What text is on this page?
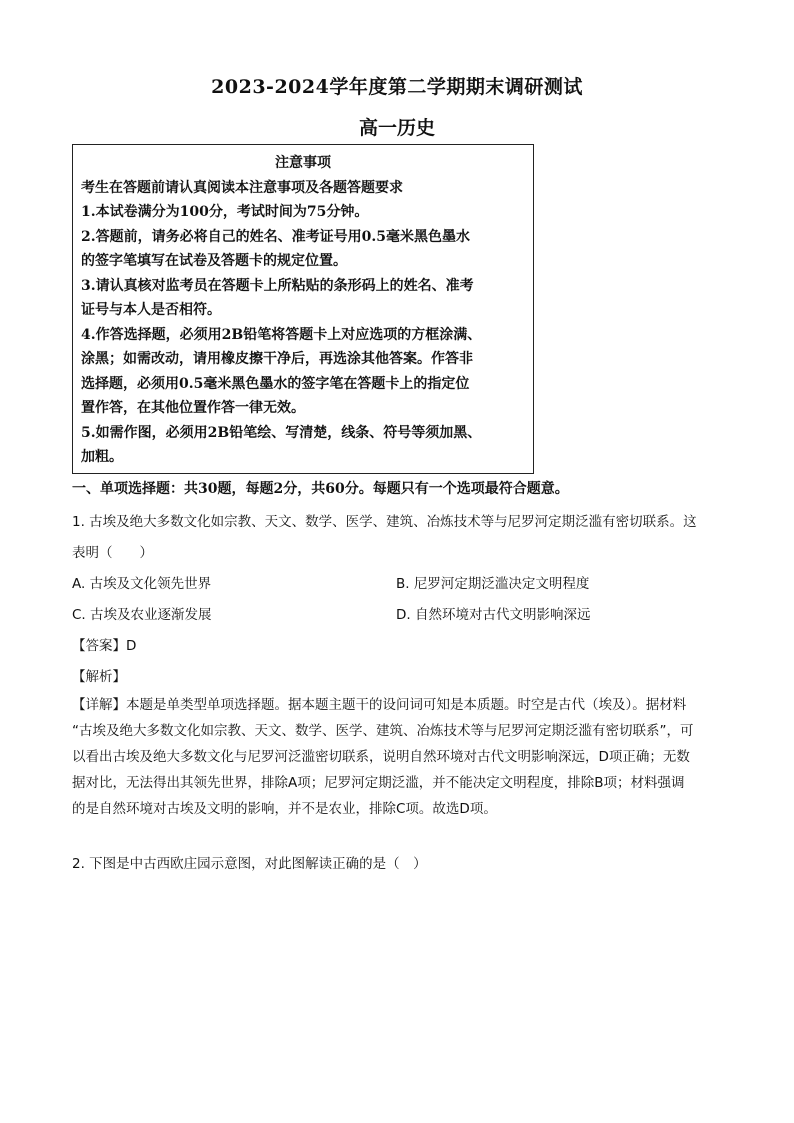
2023-2024学年度第二学期期末调研测试
高一历史
注意事项
考生在答题前请认真阅读本注意事项及各题答题要求
1.本试卷满分为100分，考试时间为75分钟。
2.答题前，请务必将自己的姓名、准考证号用0.5毫米黑色墨水
的签字笔填写在试卷及答题卡的规定位置。
3.请认真核对监考员在答题卡上所粘贴的条形码上的姓名、准考
证号与本人是否相符。
4.作答选择题，必须用2B铅笔将答题卡上对应选项的方框涂满、
涂黑；如需改动，请用橡皮擦干净后，再选涂其他答案。作答非
选择题，必须用0.5毫米黑色墨水的签字笔在答题卡上的指定位
置作答，在其他位置作答一律无效。
5.如需作图，必须用2B铅笔绘、写清楚，线条、符号等须加黑、
加粗。
一、单项选择题：共30题，每题2分，共60分。每题只有一个选项最符合题意。
1. 古埃及绝大多数文化如宗教、天文、数学、医学、建筑、冶炼技术等与尼罗河定期泛滥有密切联系。这
表明（　　）
A. 古埃及文化领先世界	B. 尼罗河定期泛滥决定文明程度
C. 古埃及农业逐渐发展	D. 自然环境对古代文明影响深远
【答案】D
【解析】
【详解】本题是单类型单项选择题。据本题主题干的设问词可知是本质题。时空是古代（埃及）。据材料
“古埃及绝大多数文化如宗教、天文、数学、医学、建筑、冶炼技术等与尼罗河定期泛滥有密切联系”，可
以看出古埃及绝大多数文化与尼罗河泛滥密切联系，说明自然环境对古代文明影响深远，D项正确；无数
据对比，无法得出其领先世界，排除A项；尼罗河定期泛滥，并不能决定文明程度，排除B项；材料强调
的是自然环境对古埃及文明的影响，并不是农业，排除C项。故选D项。
2. 下图是中古西欧庄园示意图，对此图解读正确的是（　）
